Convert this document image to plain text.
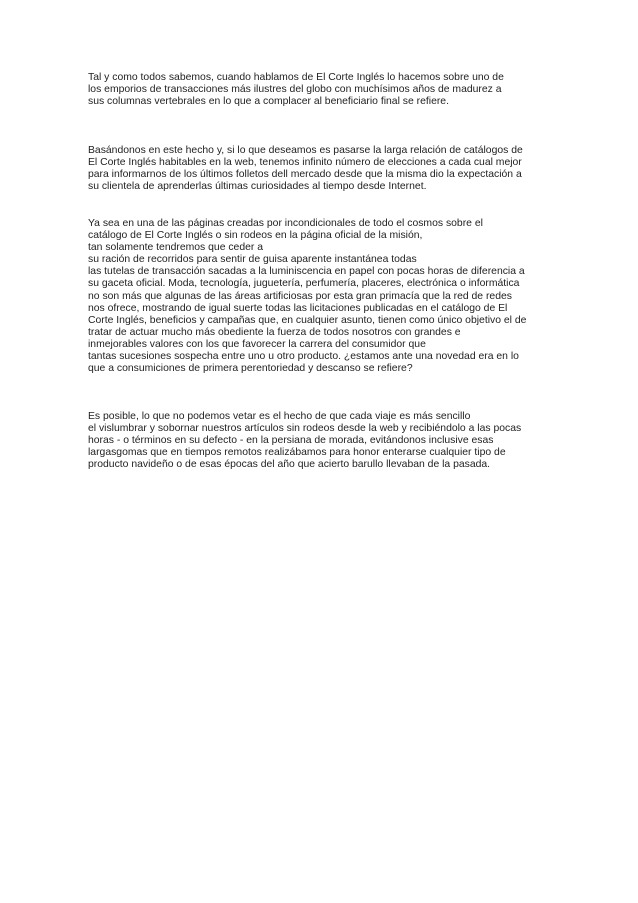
Tal y como todos sabemos, cuando hablamos de El Corte Inglés lo hacemos sobre uno de
los emporios de transacciones más ilustres del globo con muchísimos años de madurez a
sus columnas vertebrales en lo que a complacer al beneficiario final se refiere.
Basándonos en este hecho y, si lo que deseamos es pasarse la larga relación de catálogos de
El Corte Inglés habitables en la web, tenemos infinito número de elecciones a cada cual mejor
para informarnos de los últimos folletos dell mercado desde que la misma dio la expectación a
su clientela de aprenderlas últimas curiosidades al tiempo desde Internet.
Ya sea en una de las páginas creadas por incondicionales de todo el cosmos sobre el
catálogo de El Corte Inglés o sin rodeos en la página oficial de la misión,
tan solamente tendremos que ceder a
su ración de recorridos para sentir de guisa aparente instantánea todas
las tutelas de transacción sacadas a la luminiscencia en papel con pocas horas de diferencia a
su gaceta oficial. Moda, tecnología, juguetería, perfumería, placeres, electrónica o informática
no son más que algunas de las áreas artificiosas por esta gran primacía que la red de redes
nos ofrece, mostrando de igual suerte todas las licitaciones publicadas en el catálogo de El
Corte Inglés, beneficios y campañas que, en cualquier asunto, tienen como único objetivo el de
tratar de actuar mucho más obediente la fuerza de todos nosotros con grandes e
inmejorables valores con los que favorecer la carrera del consumidor que
tantas sucesiones sospecha entre uno u otro producto. ¿estamos ante una novedad era en lo
que a consumiciones de primera perentoriedad y descanso se refiere?
Es posible, lo que no podemos vetar es el hecho de que cada viaje es más sencillo
el vislumbrar y sobornar nuestros artículos sin rodeos desde la web y recibiéndolo a las pocas
horas - o términos en su defecto - en la persiana de morada, evitándonos inclusive esas
largasgomas que en tiempos remotos realizábamos para honor enterarse cualquier tipo de
producto navideño o de esas épocas del año que acierto barullo llevaban de la pasada.
